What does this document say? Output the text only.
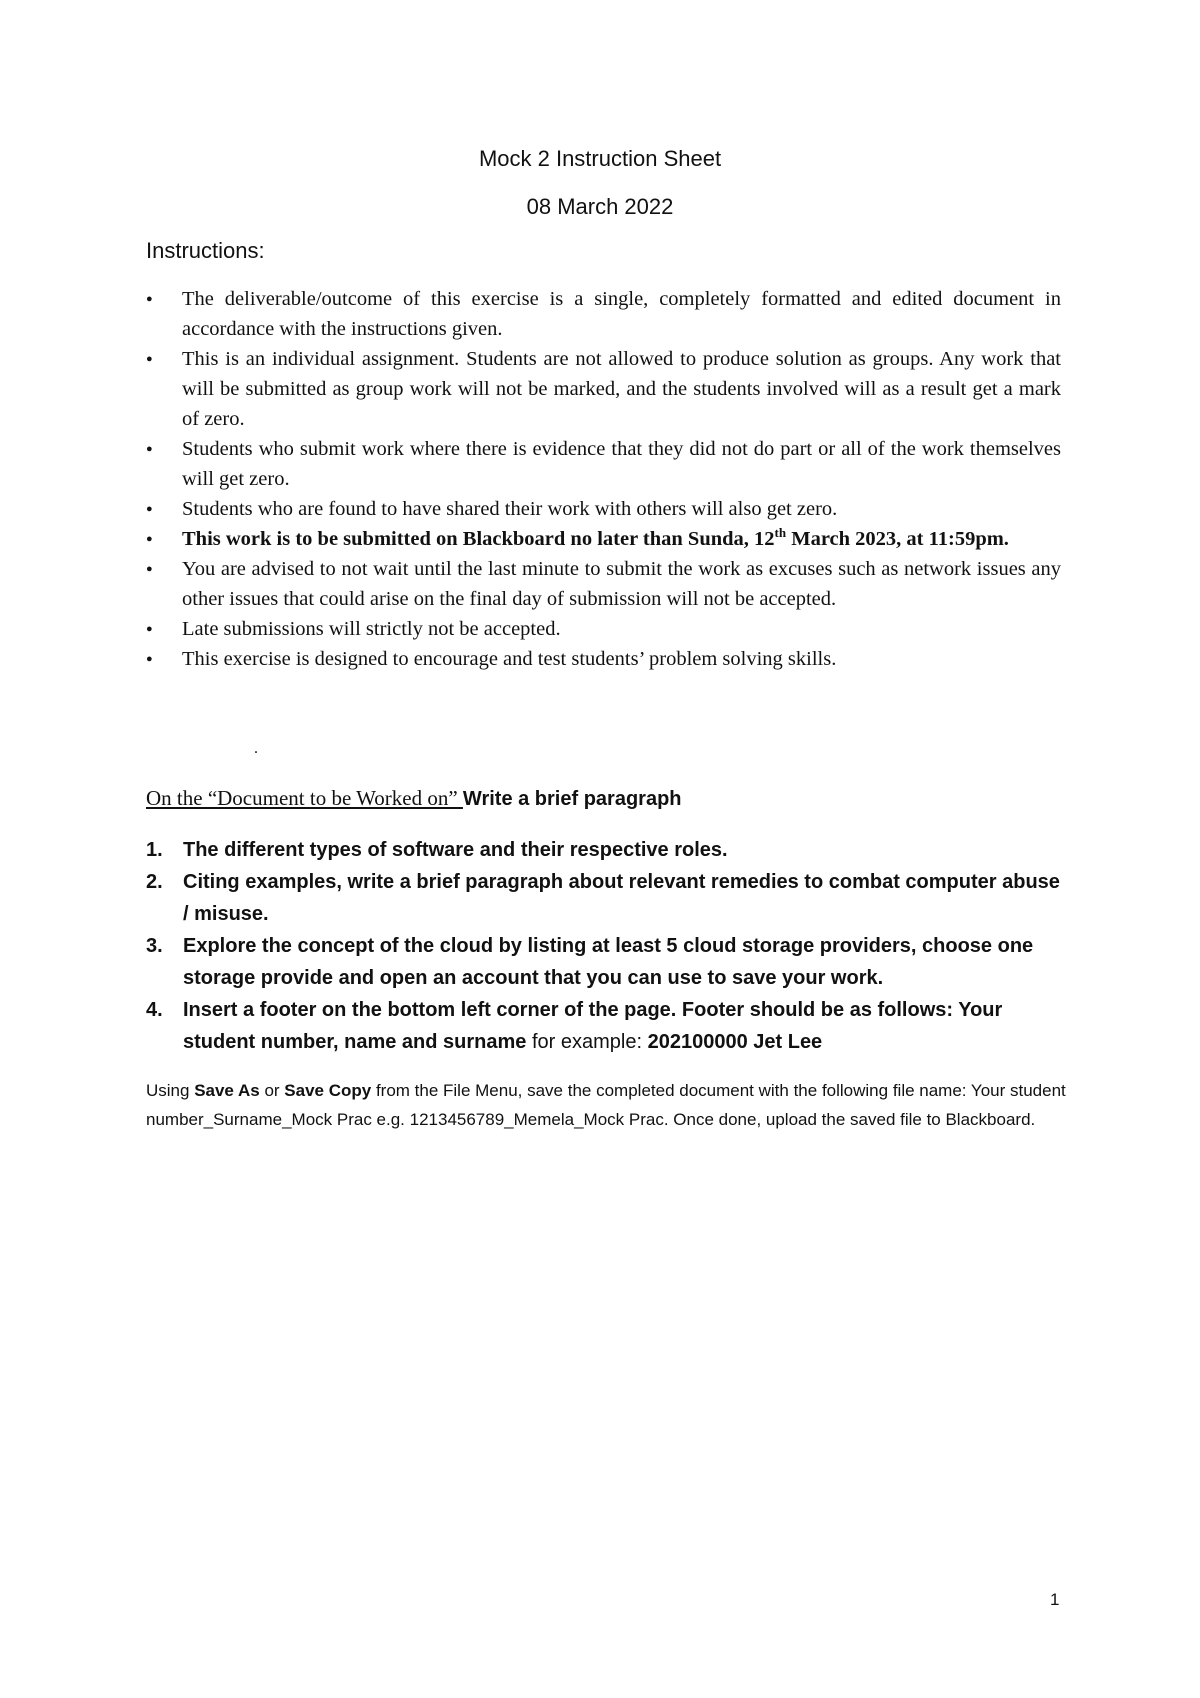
Mock 2 Instruction Sheet
08 March 2022
Instructions:
● The deliverable/outcome of this exercise is a single, completely formatted and edited document in accordance with the instructions given.
● This is an individual assignment. Students are not allowed to produce solution as groups. Any work that will be submitted as group work will not be marked, and the students involved will as a result get a mark of zero.
● Students who submit work where there is evidence that they did not do part or all of the work themselves will get zero.
● Students who are found to have shared their work with others will also get zero.
● This work is to be submitted on Blackboard no later than Sunda, 12th March 2023, at 11:59pm.
● You are advised to not wait until the last minute to submit the work as excuses such as network issues any other issues that could arise on the final day of submission will not be accepted.
● Late submissions will strictly not be accepted.
● This exercise is designed to encourage and test students’ problem solving skills.
.
On the “Document to be Worked on” Write a brief paragraph
1. The different types of software and their respective roles.
2. Citing examples, write a brief paragraph about relevant remedies to combat computer abuse / misuse.
3. Explore the concept of the cloud by listing at least 5 cloud storage providers, choose one storage provide and open an account that you can use to save your work.
4. Insert a footer on the bottom left corner of the page. Footer should be as follows: Your student number, name and surname for example: 202100000 Jet Lee
Using Save As or Save Copy from the File Menu, save the completed document with the following file name: Your student number_Surname_Mock Prac e.g. 1213456789_Memela_Mock Prac. Once done, upload the saved file to Blackboard.
1
